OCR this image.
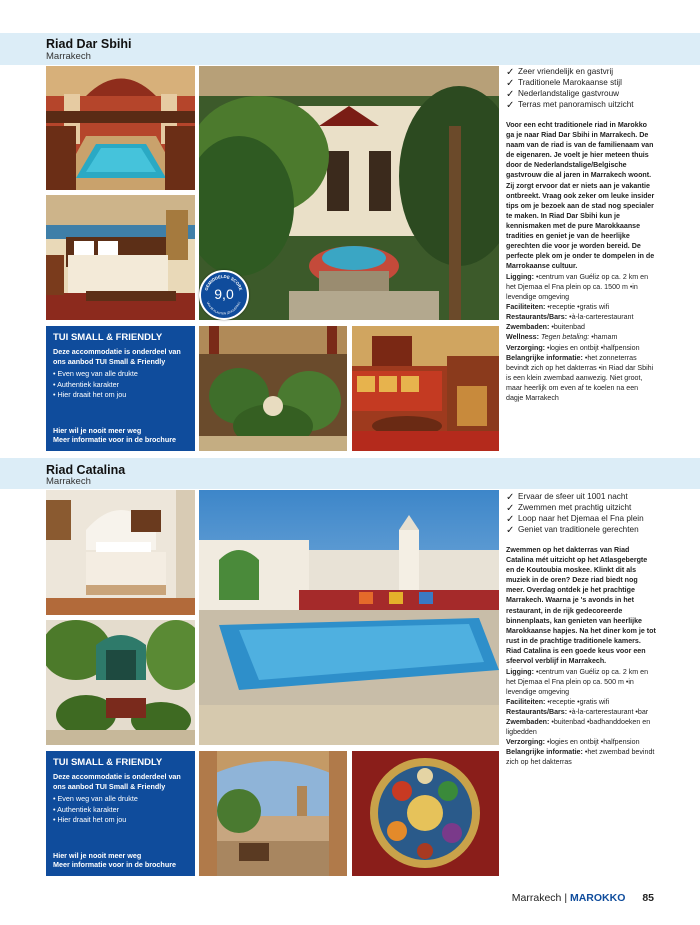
Riad Dar Sbihi
Marrakech
GEMIDDELDE SCORE
VAN 55 KLANTEN (ZOOVERNL)
9,0
TUI SMALL & FRIENDLY
Deze accommodatie is onderdeel van ons aanbod TUI Small & Friendly
• Even weg van alle drukte
• Authentiek karakter
• Hier draait het om jou
Hier wil je nooit meer weg
Meer informatie voor in de brochure
✓ Zeer vriendelijk en gastvrij
✓ Traditionele Marokaanse stijl
✓ Nederlandstalige gastvrouw
✓ Terras met panoramisch uitzicht

Voor een echt traditionele riad in Marokko ga je naar Riad Dar Sbihi in Marrakech. De naam van de riad is van de familienaam van de eigenaren. Je voelt je hier meteen thuis door de Nederlandstalige/Belgische gastvrouw die al jaren in Marrakech woont. Zij zorgt ervoor dat er niets aan je vakantie ontbreekt. Vraag ook zeker om leuke insider tips om je bezoek aan de stad nog specialer te maken. In Riad Dar Sbihi kun je kennismaken met de pure Marokkaanse tradities en geniet je van de heerlijke gerechten die voor je worden bereid. De perfecte plek om je onder te dompelen in de Marrokaanse cultuur.

Ligging: •centrum van Guéliz op ca. 2 km en het Djemaa el Fna plein op ca. 1500 m •in levendige omgeving

Faciliteiten: •receptie •gratis wifi

Restaurants/Bars: •à-la-carterestaurant

Zwembaden: •buitenbad

Wellness: Tegen betaling: •hamam

Verzorging: •logies en ontbijt •halfpension

Belangrijke informatie: •het zonneterras bevindt zich op het dakterras •in Riad dar Sbihi is een klein zwembad aanwezig. Niet groot, maar heerlijk om even af te koelen na een dagje Marrakech

Riad Catalina
Marrakech
TUI SMALL & FRIENDLY
Deze accommodatie is onderdeel van ons aanbod TUI Small & Friendly
• Even weg van alle drukte
• Authentiek karakter
• Hier draait het om jou
Hier wil je nooit meer weg
Meer informatie voor in de brochure
✓ Ervaar de sfeer uit 1001 nacht
✓ Zwemmen met prachtig uitzicht
✓ Loop naar het Djemaa el Fna plein
✓ Geniet van traditionele gerechten

Zwemmen op het dakterras van Riad Catalina mét uitzicht op het Atlasgebergte en de Koutoubia moskee. Klinkt dit als muziek in de oren? Deze riad biedt nog meer. Overdag ontdek je het prachtige Marrakech. Waarna je 's avonds in het restaurant, in de rijk gedecoreerde binnenplaats, kan genieten van heerlijke Marokkaanse hapjes. Na het diner kom je tot rust in de prachtige traditionele kamers. Riad Catalina is een goede keus voor een sfeervol verblijf in Marrakech.

Ligging: •centrum van Guéliz op ca. 2 km en het Djemaa el Fna plein op ca. 500 m •in levendige omgeving

Faciliteiten: •receptie •gratis wifi

Restaurants/Bars: •à-la-carterestaurant •bar

Zwembaden: •buitenbad •badhanddoeken en ligbedden

Verzorging: •logies en ontbijt •halfpension

Belangrijke informatie: •het zwembad bevindt zich op het dakterras

Marrakech | MAROKKO 85
